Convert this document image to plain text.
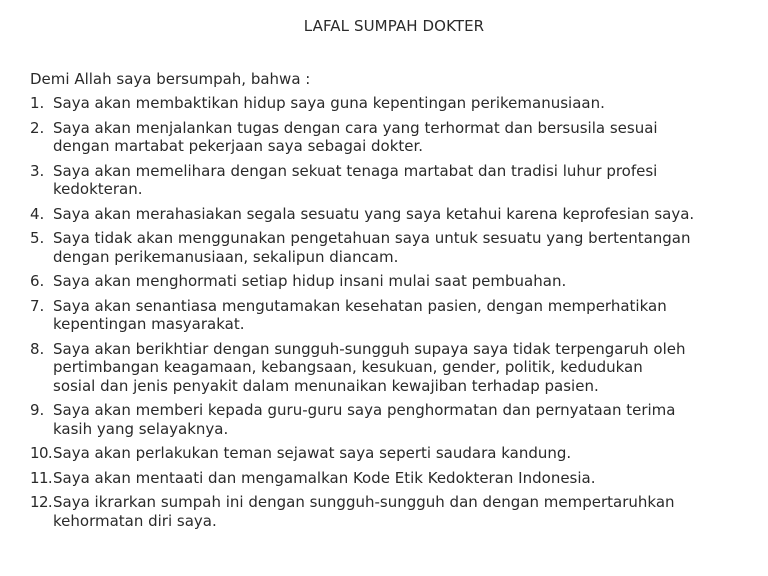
LAFAL SUMPAH DOKTER
Demi Allah saya bersumpah, bahwa :
1. Saya akan membaktikan hidup saya guna kepentingan perikemanusiaan.
2. Saya akan menjalankan tugas dengan cara yang terhormat dan bersusila sesuai
dengan martabat pekerjaan saya sebagai dokter.
3. Saya akan memelihara dengan sekuat tenaga martabat dan tradisi luhur profesi
kedokteran.
4. Saya akan merahasiakan segala sesuatu yang saya ketahui karena keprofesian saya.
5. Saya tidak akan menggunakan pengetahuan saya untuk sesuatu yang bertentangan
dengan perikemanusiaan, sekalipun diancam.
6. Saya akan menghormati setiap hidup insani mulai saat pembuahan.
7. Saya akan senantiasa mengutamakan kesehatan pasien, dengan memperhatikan
kepentingan masyarakat.
8. Saya akan berikhtiar dengan sungguh-sungguh supaya saya tidak terpengaruh oleh
pertimbangan keagamaan, kebangsaan, kesukuan, gender, politik, kedudukan
sosial dan jenis penyakit dalam menunaikan kewajiban terhadap pasien.
9. Saya akan memberi kepada guru-guru saya penghormatan dan pernyataan terima
kasih yang selayaknya.
10. Saya akan perlakukan teman sejawat saya seperti saudara kandung.
11. Saya akan mentaati dan mengamalkan Kode Etik Kedokteran Indonesia.
12. Saya ikrarkan sumpah ini dengan sungguh-sungguh dan dengan mempertaruhkan
kehormatan diri saya.
